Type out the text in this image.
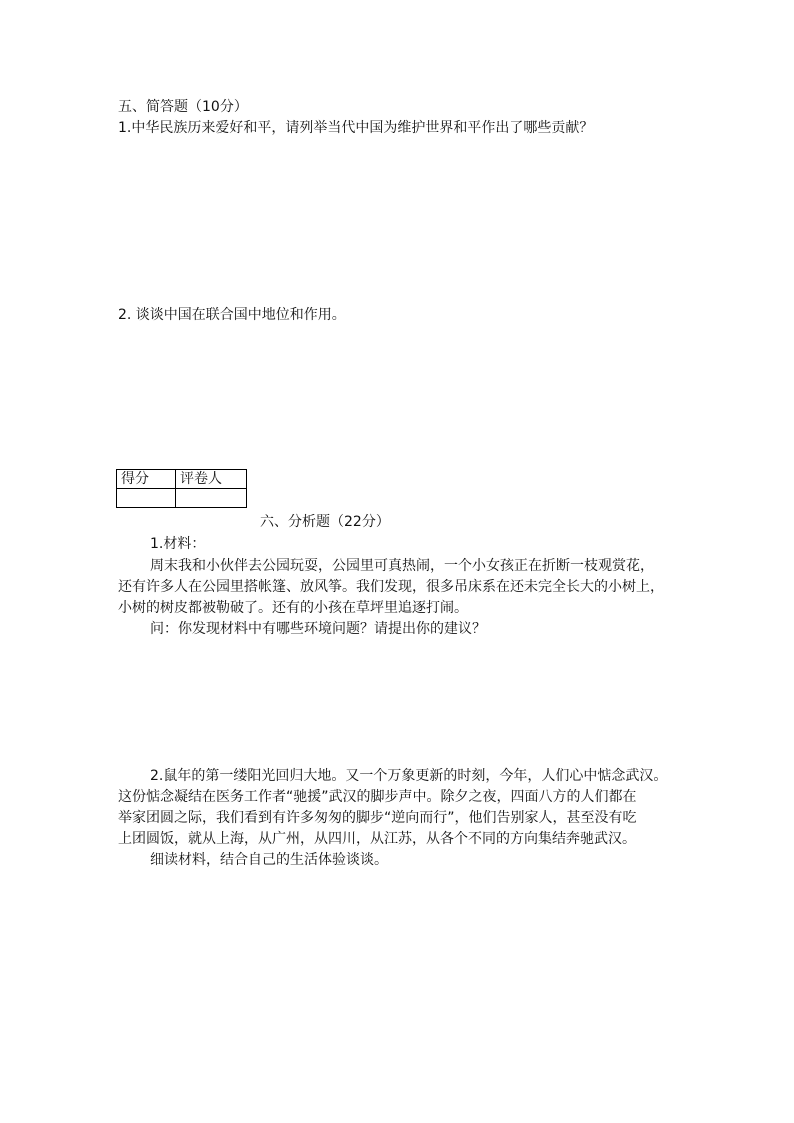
五、简答题（10分）
1.中华民族历来爱好和平，请列举当代中国为维护世界和平作出了哪些贡献？
2. 谈谈中国在联合国中地位和作用。
得分	评卷人

六、分析题（22分）
1.材料：
周末我和小伙伴去公园玩耍，公园里可真热闹，一个小女孩正在折断一枝观赏花，
还有许多人在公园里搭帐篷、放风筝。我们发现，很多吊床系在还未完全长大的小树上，
小树的树皮都被勒破了。还有的小孩在草坪里追逐打闹。
问：你发现材料中有哪些环境问题？请提出你的建议？
2.鼠年的第一缕阳光回归大地。又一个万象更新的时刻，今年，人们心中惦念武汉。
这份惦念凝结在医务工作者“驰援”武汉的脚步声中。除夕之夜，四面八方的人们都在
举家团圆之际，我们看到有许多匆匆的脚步“逆向而行”，他们告别家人，甚至没有吃
上团圆饭，就从上海，从广州，从四川，从江苏，从各个不同的方向集结奔驰武汉。
细读材料，结合自己的生活体验谈谈。
